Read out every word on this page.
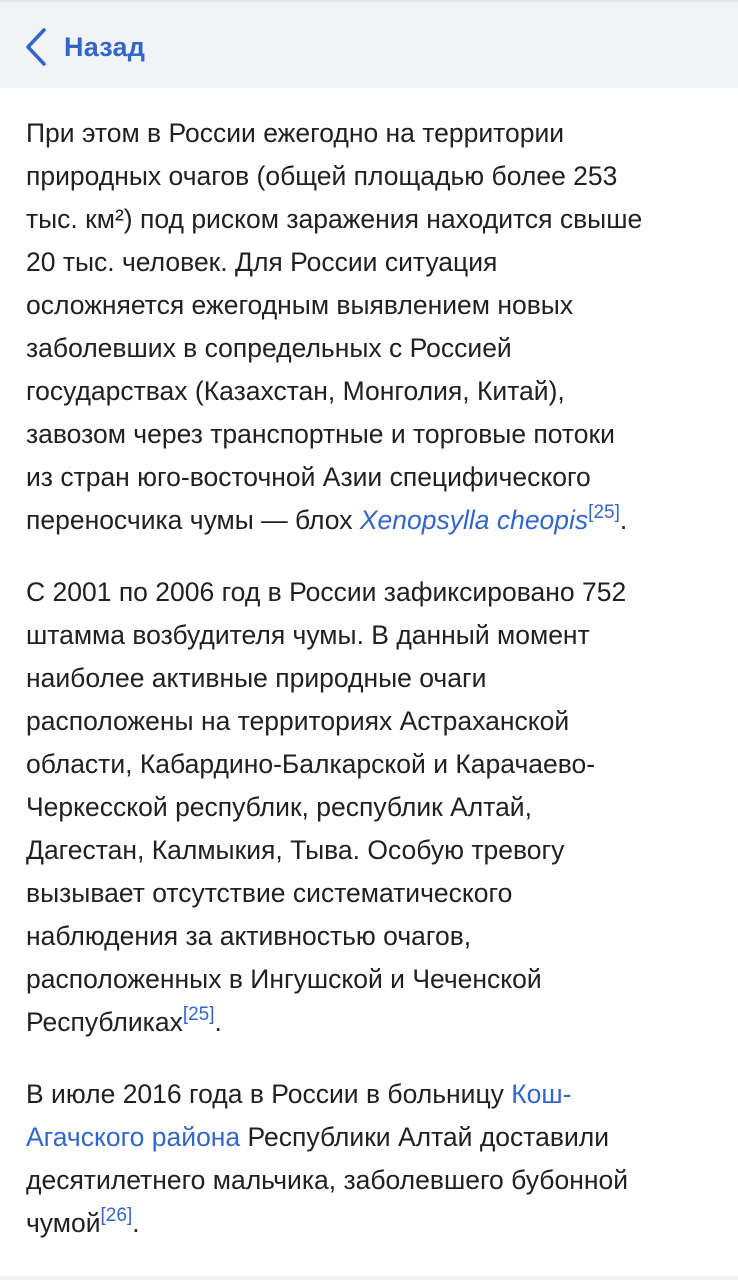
Назад

При этом в России ежегодно на территории
природных очагов (общей площадью более 253
тыс. км²) под риском заражения находится свыше
20 тыс. человек. Для России ситуация
осложняется ежегодным выявлением новых
заболевших в сопредельных с Россией
государствах (Казахстан, Монголия, Китай),
завозом через транспортные и торговые потоки
из стран юго-восточной Азии специфического
переносчика чумы — блох Xenopsylla cheopis[25].

С 2001 по 2006 год в России зафиксировано 752
штамма возбудителя чумы. В данный момент
наиболее активные природные очаги
расположены на территориях Астраханской
области, Кабардино-Балкарской и Карачаево-
Черкесской республик, республик Алтай,
Дагестан, Калмыкия, Тыва. Особую тревогу
вызывает отсутствие систематического
наблюдения за активностью очагов,
расположенных в Ингушской и Чеченской
Республиках[25].

В июле 2016 года в России в больницу Кош-
Агачского района Республики Алтай доставили
десятилетнего мальчика, заболевшего бубонной
чумой[26].
